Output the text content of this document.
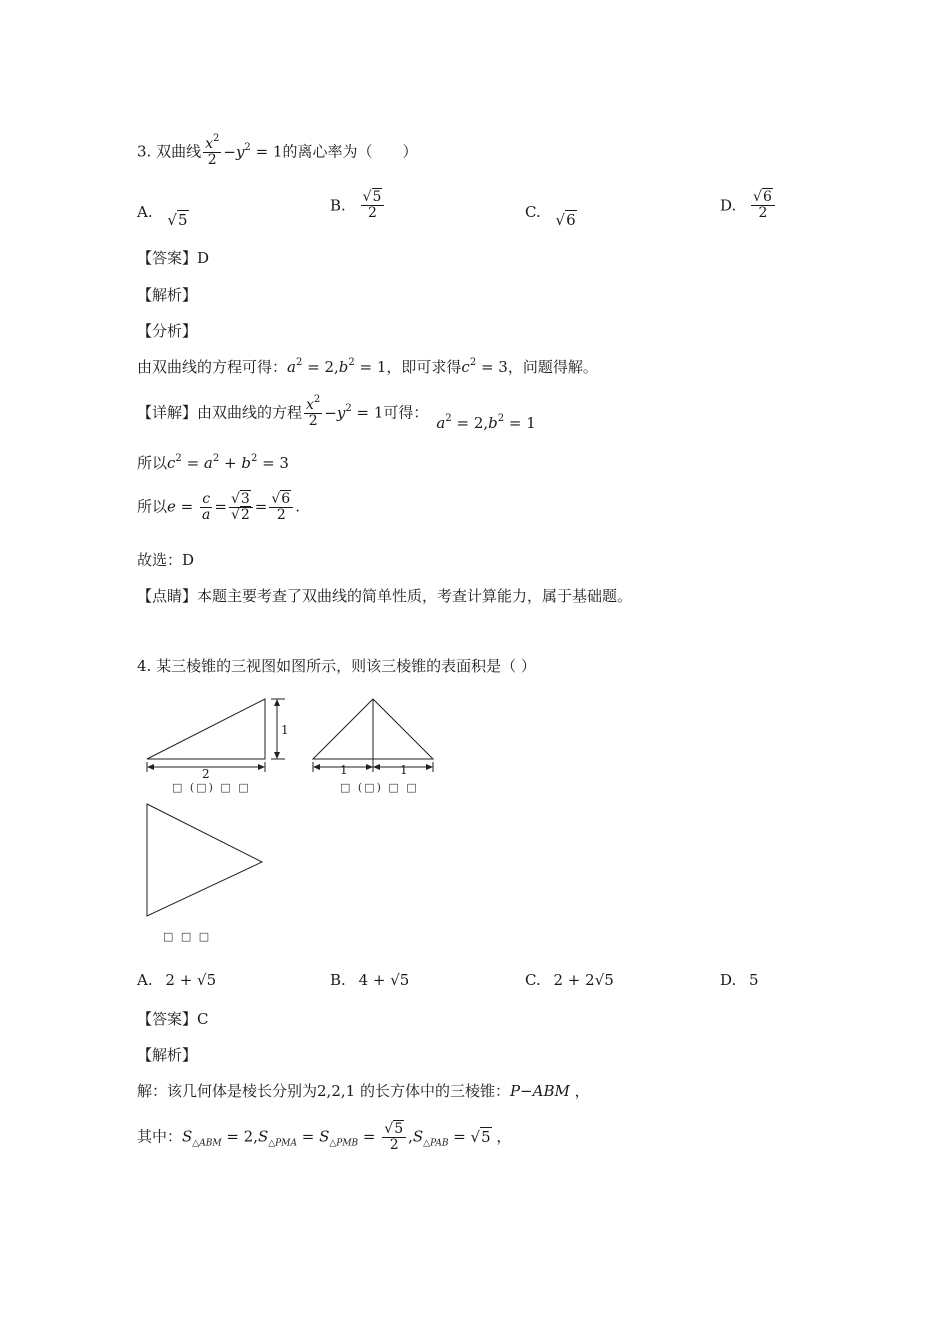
3. 双曲线 $\frac{x^2}{2} -y^2 = 1$的离心率为（　　）
A. √5
B. $\frac{√5}{2}$	C. √6
D. $\frac{√6}{2}$
【答案】D
【解析】
【分析】
由双曲线的方程可得：$a^2 = 2,b^2 = 1$，即可求得$c^2 = 3$，问题得解。
【详解】由双曲线的方程 $\frac{x^2}{2} -y^2 = 1$可得：$a^2 = 2,b^2 = 1$
所以$c^2 = a^2 + b^2 = 3$
所以$e = \frac{c}{a} = \frac{√3}{√2} = \frac{√6}{2}$ .
故选：D
【点睛】本题主要考查了双曲线的简单性质，考查计算能力，属于基础题。
4. 某三棱锥的三视图如图所示，则该三棱锥的表面积是（ ）
1
2	1	1
□ (□) □ □	□ (□) □ □
□ □ □
A. 2 + √5	B. 4 + √5	C. 2 + 2√5	D. 5
【答案】C
【解析】
解：该几何体是棱长分别为2,2,1 的长方体中的三棱锥：P−ABM ，
其中：$S_{\triangle ABM} = 2,S_{\triangle PMA} = S_{\triangle PMB} = \frac{√5}{2} ,S_{\triangle PAB} = √5$ ，
